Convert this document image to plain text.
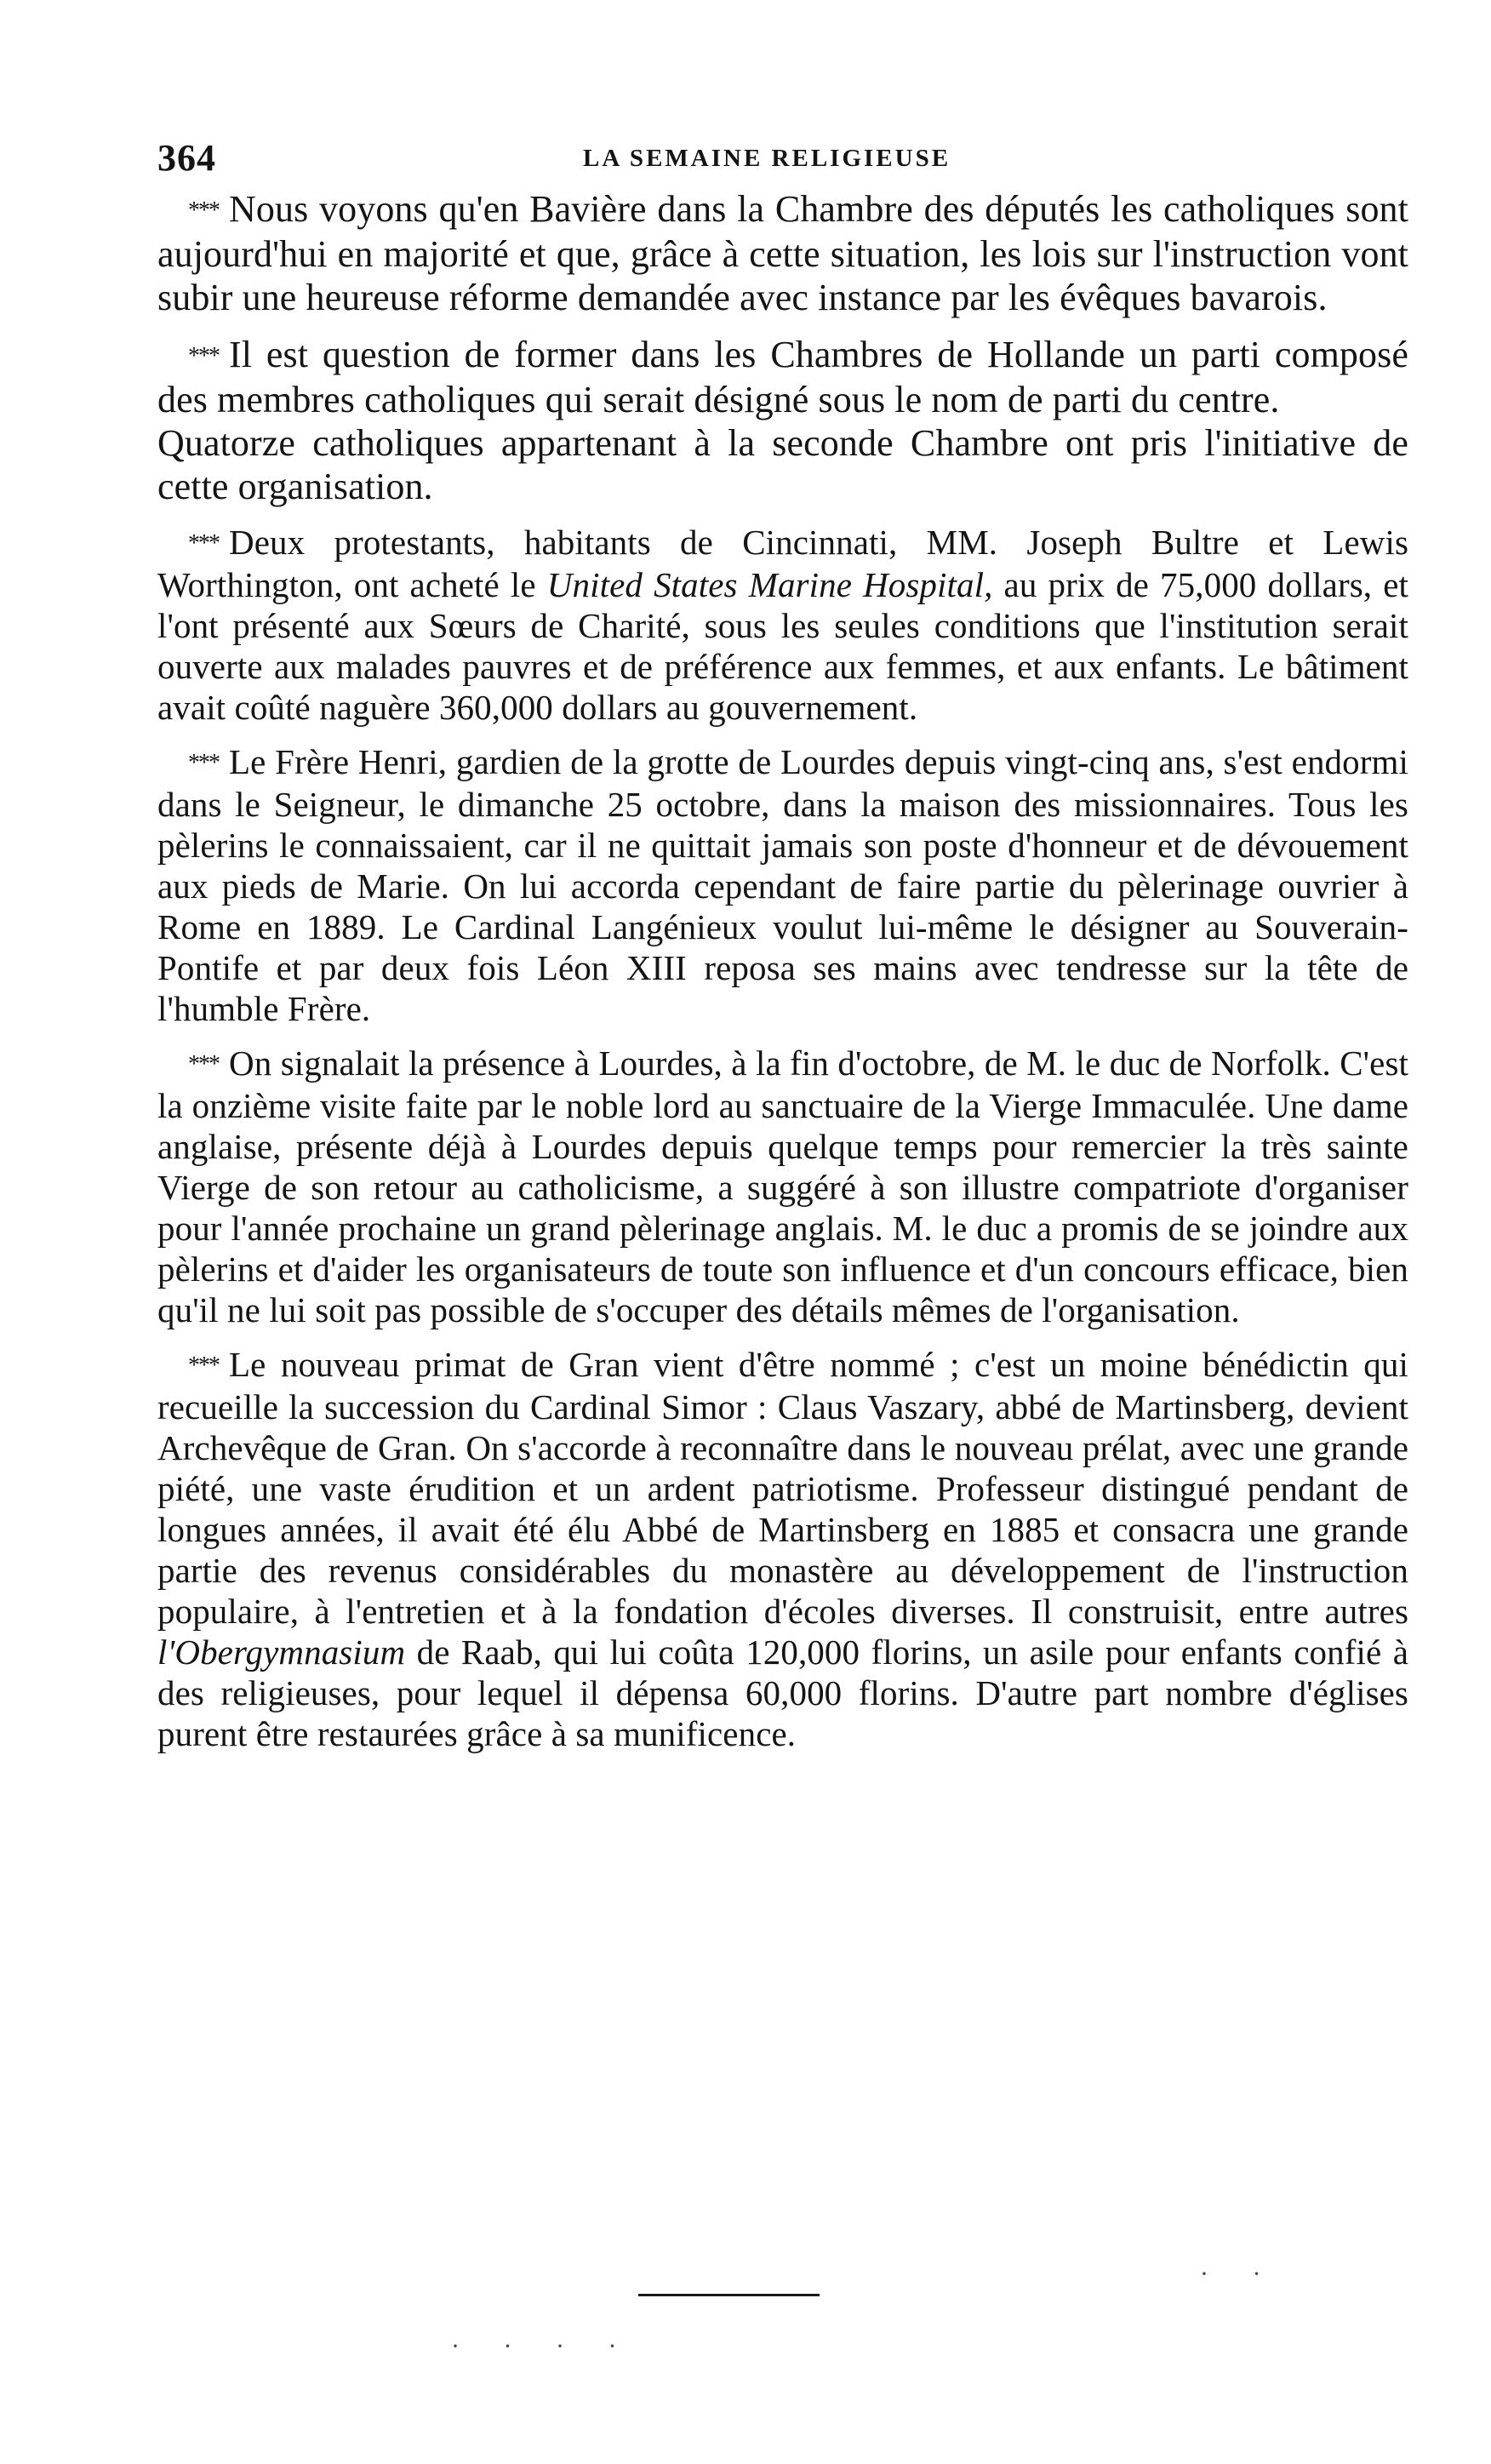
364	LA SEMAINE RELIGIEUSE

*** Nous voyons qu'en Bavière dans la Chambre des députés les catholiques sont aujourd'hui en majorité et que, grâce à cette situation, les lois sur l'instruction vont subir une heureuse réforme demandée avec instance par les évêques bavarois.

*** Il est question de former dans les Chambres de Hollande un parti composé des membres catholiques qui serait désigné sous le nom de parti du centre.

Quatorze catholiques appartenant à la seconde Chambre ont pris l'initiative de cette organisation.

*** Deux protestants, habitants de Cincinnati, MM. Joseph Bultre et Lewis Worthington, ont acheté le United States Marine Hospital, au prix de 75,000 dollars, et l'ont présenté aux Sœurs de Charité, sous les seules conditions que l'institution serait ouverte aux malades pauvres et de préférence aux femmes, et aux enfants. Le bâtiment avait coûté naguère 360,000 dollars au gouvernement.

*** Le Frère Henri, gardien de la grotte de Lourdes depuis vingt-cinq ans, s'est endormi dans le Seigneur, le dimanche 25 octobre, dans la maison des missionnaires. Tous les pèlerins le connaissaient, car il ne quittait jamais son poste d'honneur et de dévouement aux pieds de Marie. On lui accorda cependant de faire partie du pèlerinage ouvrier à Rome en 1889. Le Cardinal Langénieux voulut lui-même le désigner au Souverain-Pontife et par deux fois Léon XIII reposa ses mains avec tendresse sur la tête de l'humble Frère.

*** On signalait la présence à Lourdes, à la fin d'octobre, de M. le duc de Norfolk. C'est la onzième visite faite par le noble lord au sanctuaire de la Vierge Immaculée. Une dame anglaise, présente déjà à Lourdes depuis quelque temps pour remercier la très sainte Vierge de son retour au catholicisme, a suggéré à son illustre compatriote d'organiser pour l'année prochaine un grand pèlerinage anglais. M. le duc a promis de se joindre aux pèlerins et d'aider les organisateurs de toute son influence et d'un concours efficace, bien qu'il ne lui soit pas possible de s'occuper des détails mêmes de l'organisation.

*** Le nouveau primat de Gran vient d'être nommé ; c'est un moine bénédictin qui recueille la succession du Cardinal Simor : Claus Vaszary, abbé de Martinsberg, devient Archevêque de Gran. On s'accorde à reconnaître dans le nouveau prélat, avec une grande piété, une vaste érudition et un ardent patriotisme. Professeur distingué pendant de longues années, il avait été élu Abbé de Martinsberg en 1885 et consacra une grande partie des revenus considérables du monastère au développement de l'instruction populaire, à l'entretien et à la fondation d'écoles diverses. Il construisit, entre autres l'Obergymnasium de Raab, qui lui coûta 120,000 florins, un asile pour enfants confié à des religieuses, pour lequel il dépensa 60,000 florins. D'autre part nombre d'églises purent être restaurées grâce à sa munificence.

· · · ·
· ·
